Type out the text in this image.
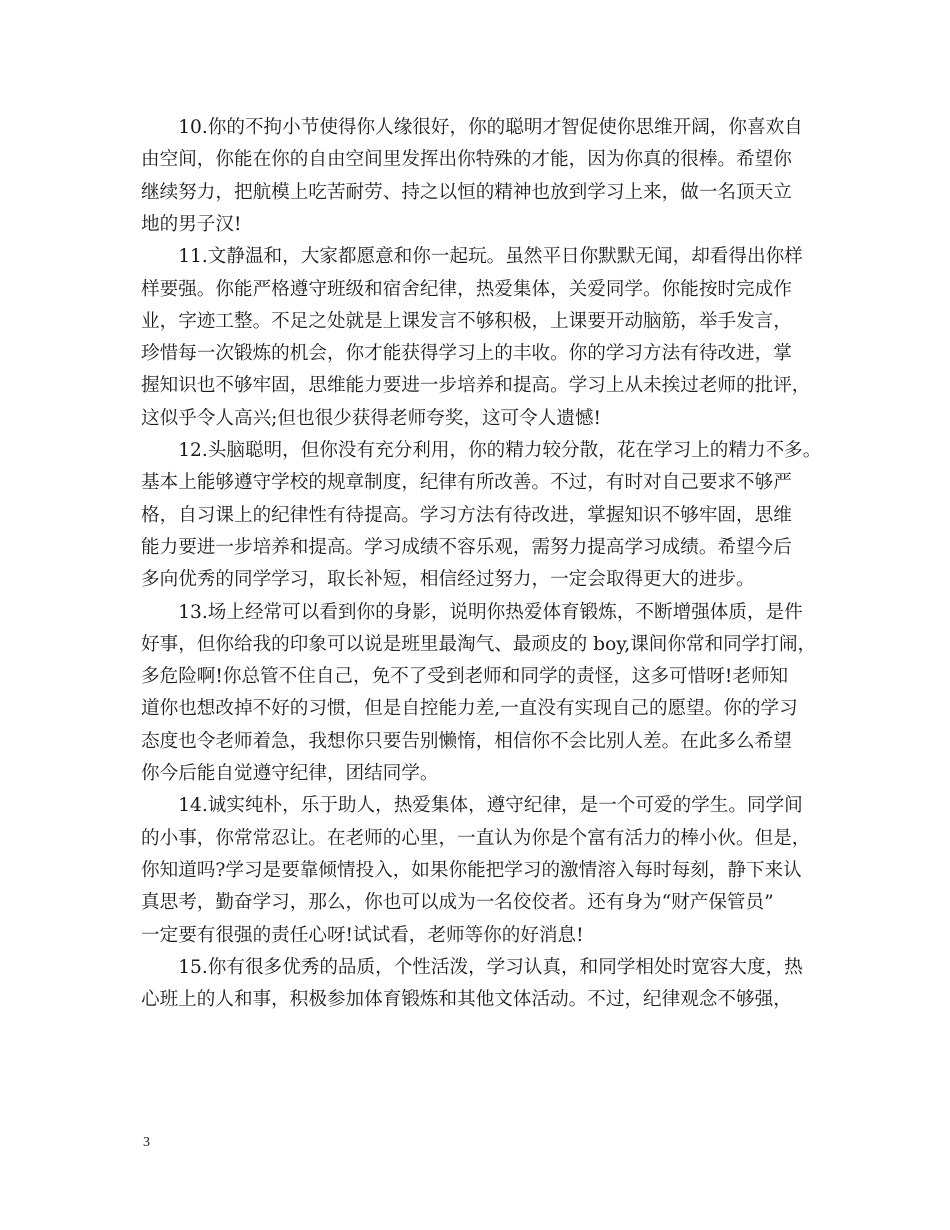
　　10.你的不拘小节使得你人缘很好，你的聪明才智促使你思维开阔，你喜欢自
由空间，你能在你的自由空间里发挥出你特殊的才能，因为你真的很棒。希望你
继续努力，把航模上吃苦耐劳、持之以恒的精神也放到学习上来，做一名顶天立
地的男子汉!
　　11.文静温和，大家都愿意和你一起玩。虽然平日你默默无闻，却看得出你样
样要强。你能严格遵守班级和宿舍纪律，热爱集体，关爱同学。你能按时完成作
业，字迹工整。不足之处就是上课发言不够积极，上课要开动脑筋，举手发言，
珍惜每一次锻炼的机会，你才能获得学习上的丰收。你的学习方法有待改进，掌
握知识也不够牢固，思维能力要进一步培养和提高。学习上从未挨过老师的批评，
这似乎令人高兴;但也很少获得老师夸奖，这可令人遗憾!
　　12.头脑聪明，但你没有充分利用，你的精力较分散，花在学习上的精力不多。
基本上能够遵守学校的规章制度，纪律有所改善。不过，有时对自己要求不够严
格，自习课上的纪律性有待提高。学习方法有待改进，掌握知识不够牢固，思维
能力要进一步培养和提高。学习成绩不容乐观，需努力提高学习成绩。希望今后
多向优秀的同学学习，取长补短，相信经过努力，一定会取得更大的进步。
　　13.场上经常可以看到你的身影，说明你热爱体育锻炼，不断增强体质，是件
好事，但你给我的印象可以说是班里最淘气、最顽皮的 boy,课间你常和同学打闹，
多危险啊!你总管不住自己，免不了受到老师和同学的责怪，这多可惜呀!老师知
道你也想改掉不好的习惯，但是自控能力差,一直没有实现自己的愿望。你的学习
态度也令老师着急，我想你只要告别懒惰，相信你不会比别人差。在此多么希望
你今后能自觉遵守纪律，团结同学。
　　14.诚实纯朴，乐于助人，热爱集体，遵守纪律，是一个可爱的学生。同学间
的小事，你常常忍让。在老师的心里，一直认为你是个富有活力的棒小伙。但是，
你知道吗?学习是要靠倾情投入，如果你能把学习的激情溶入每时每刻，静下来认
真思考，勤奋学习，那么，你也可以成为一名佼佼者。还有身为“财产保管员”
一定要有很强的责任心呀!试试看，老师等你的好消息!
　　15.你有很多优秀的品质，个性活泼，学习认真，和同学相处时宽容大度，热
心班上的人和事，积极参加体育锻炼和其他文体活动。不过，纪律观念不够强，
3
